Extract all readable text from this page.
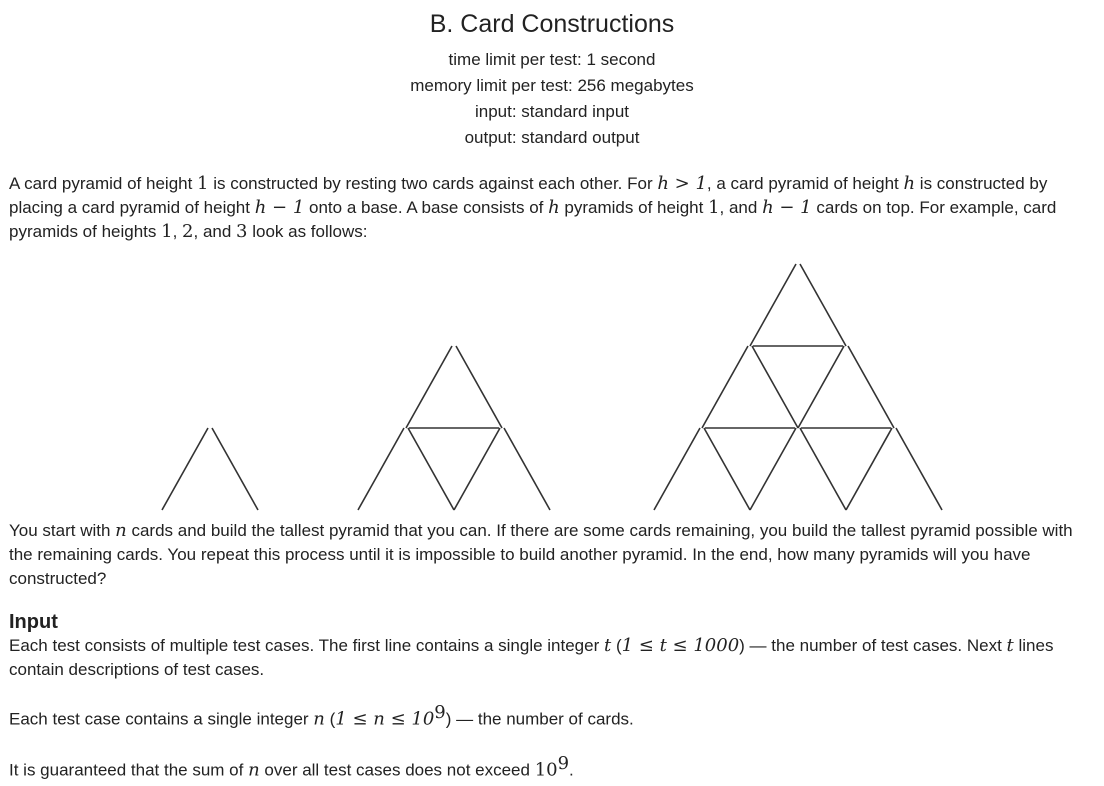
B. Card Constructions
time limit per test: 1 second
memory limit per test: 256 megabytes
input: standard input
output: standard output

A card pyramid of height 1 is constructed by resting two cards against each other. For h > 1, a card pyramid of height h is constructed by placing a card pyramid of height h − 1 onto a base. A base consists of h pyramids of height 1, and h − 1 cards on top. For example, card pyramids of heights 1, 2, and 3 look as follows:

You start with n cards and build the tallest pyramid that you can. If there are some cards remaining, you build the tallest pyramid possible with the remaining cards. You repeat this process until it is impossible to build another pyramid. In the end, how many pyramids will you have constructed?

Input

Each test consists of multiple test cases. The first line contains a single integer t (1 ≤ t ≤ 1000) — the number of test cases. Next t lines contain descriptions of test cases.

Each test case contains a single integer n $(1 \le n \le 10^9)$ — the number of cards.

It is guaranteed that the sum of n over all test cases does not exceed $10^9$.
